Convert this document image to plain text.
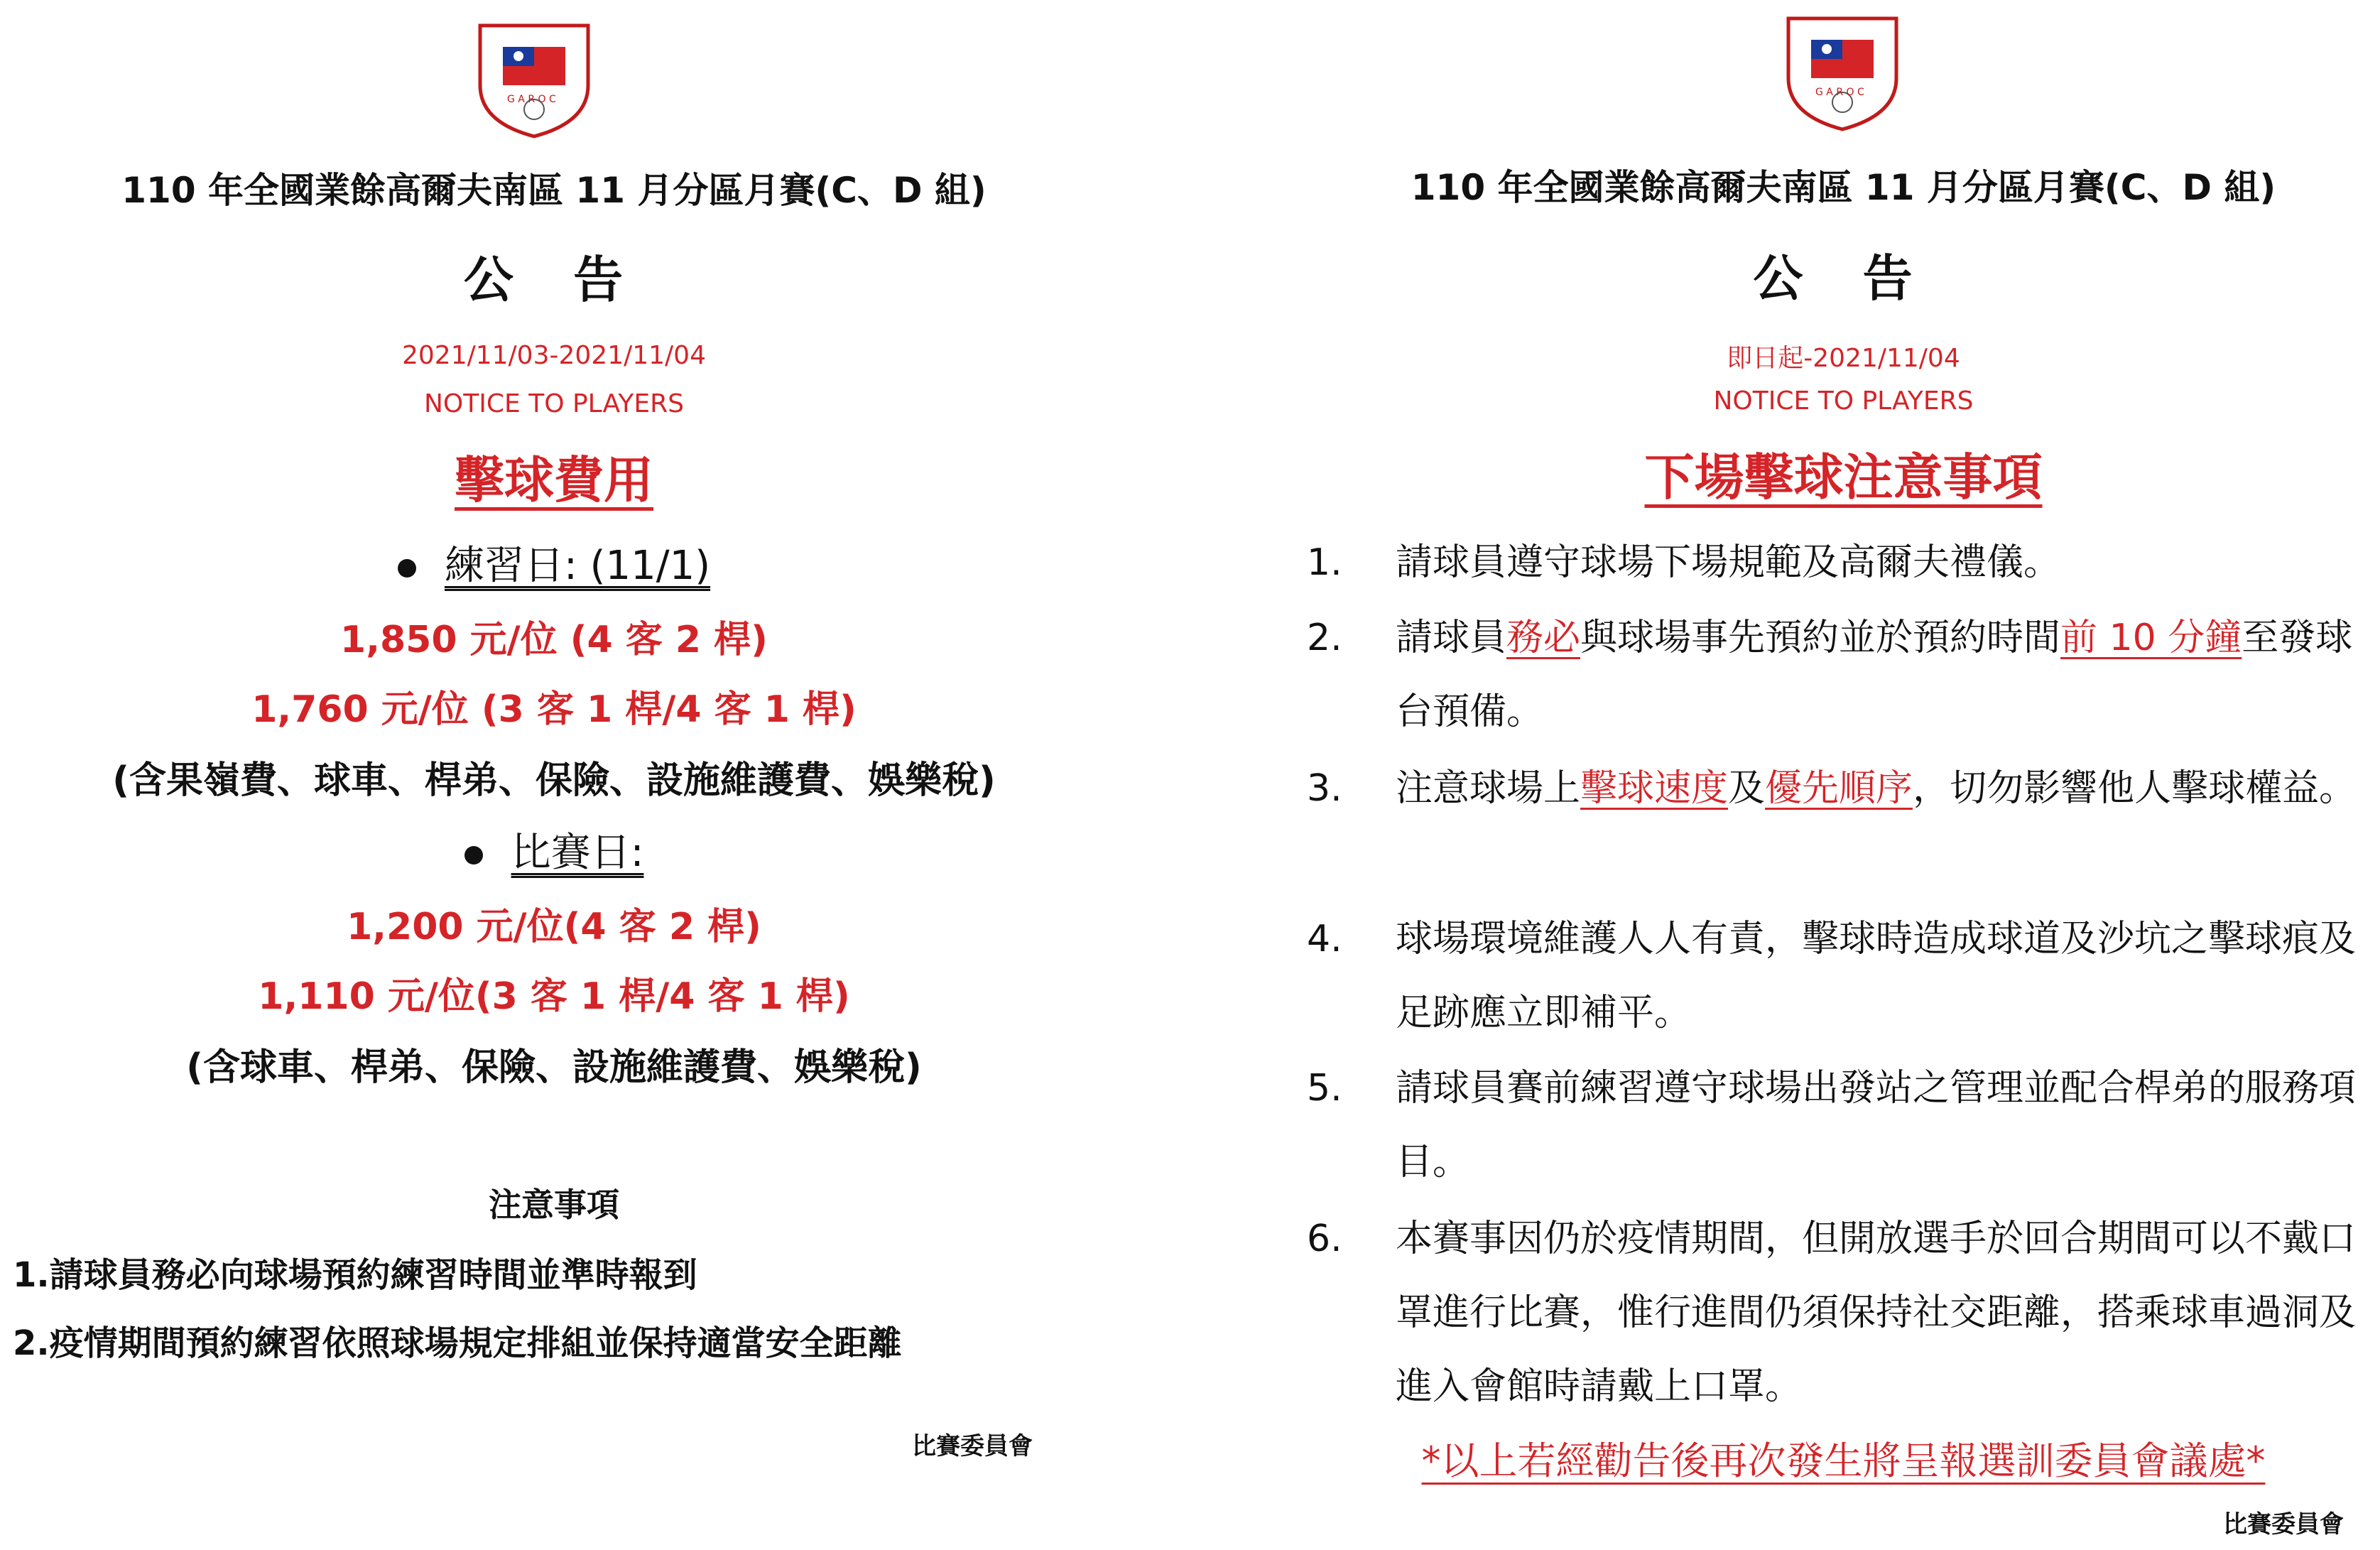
G A R O C
110 年全國業餘高爾夫南區 11 月分區月賽(C、D 組)
公 告
2021/11/03-2021/11/04
NOTICE TO PLAYERS
擊球費用
練習日: (11/1)
1,850 元/位 (4 客 2 桿)
1,760 元/位 (3 客 1 桿/4 客 1 桿)
(含果嶺費、球車、桿弟、保險、設施維護費、娛樂稅)
比賽日:
1,200 元/位(4 客 2 桿)
1,110 元/位(3 客 1 桿/4 客 1 桿)
(含球車、桿弟、保險、設施維護費、娛樂稅)
注意事項
1.請球員務必向球場預約練習時間並準時報到
2.疫情期間預約練習依照球場規定排組並保持適當安全距離
比賽委員會
G A R O C
110 年全國業餘高爾夫南區 11 月分區月賽(C、D 組)
公 告
即日起-2021/11/04
NOTICE TO PLAYERS
下場擊球注意事項
1. 請球員遵守球場下場規範及高爾夫禮儀。
2. 請球員務必與球場事先預約並於預約時間前 10 分鐘至發球台預備。
3. 注意球場上擊球速度及優先順序，切勿影響他人擊球權益。
4. 球場環境維護人人有責，擊球時造成球道及沙坑之擊球痕及足跡應立即補平。
5. 請球員賽前練習遵守球場出發站之管理並配合桿弟的服務項目。
6. 本賽事因仍於疫情期間，但開放選手於回合期間可以不戴口罩進行比賽，惟行進間仍須保持社交距離，搭乘球車過洞及進入會館時請戴上口罩。
*以上若經勸告後再次發生將呈報選訓委員會議處*
比賽委員會
